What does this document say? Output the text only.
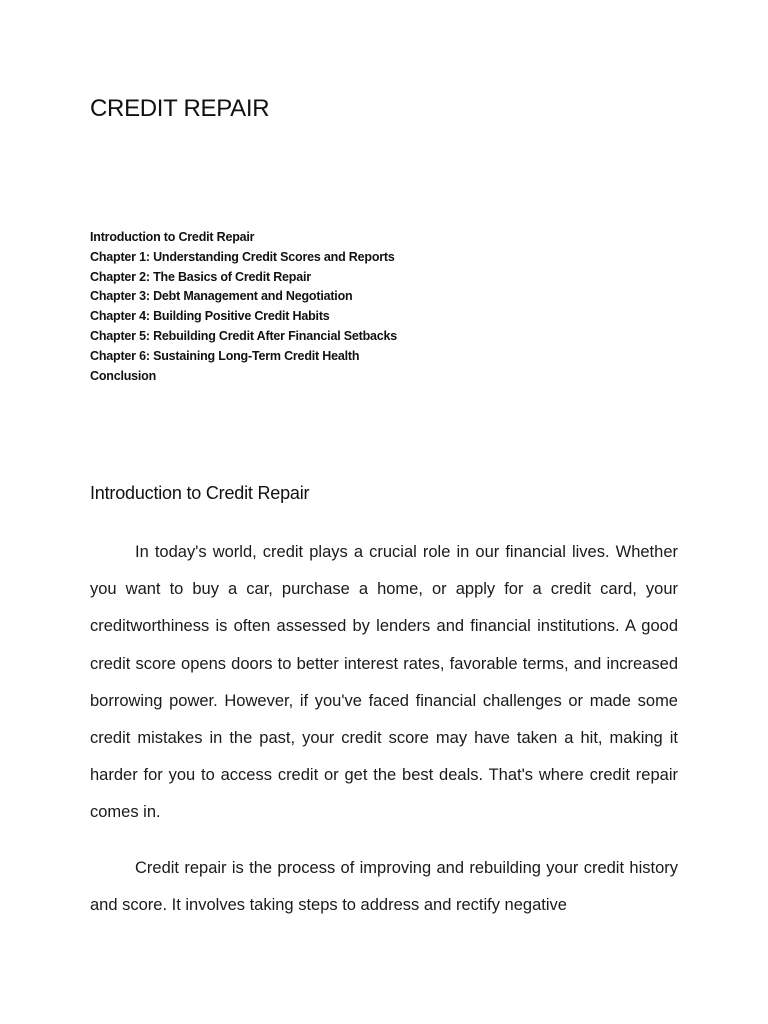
CREDIT REPAIR
Introduction to Credit Repair
Chapter 1: Understanding Credit Scores and Reports
Chapter 2: The Basics of Credit Repair
Chapter 3: Debt Management and Negotiation
Chapter 4: Building Positive Credit Habits
Chapter 5: Rebuilding Credit After Financial Setbacks
Chapter 6: Sustaining Long-Term Credit Health
Conclusion
Introduction to Credit Repair

In today's world, credit plays a crucial role in our financial lives. Whether you want to buy a car, purchase a home, or apply for a credit card, your creditworthiness is often assessed by lenders and financial institutions. A good credit score opens doors to better interest rates, favorable terms, and increased borrowing power. However, if you've faced financial challenges or made some credit mistakes in the past, your credit score may have taken a hit, making it harder for you to access credit or get the best deals. That's where credit repair comes in.

Credit repair is the process of improving and rebuilding your credit history and score. It involves taking steps to address and rectify negative
